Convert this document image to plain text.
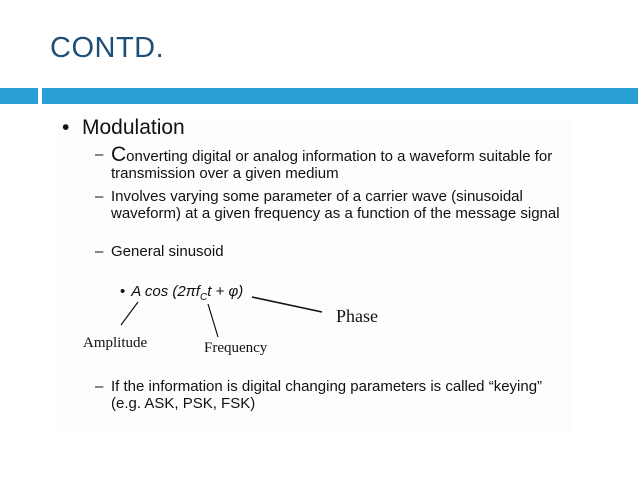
CONTD.
• Modulation
– Converting digital or analog information to a waveform suitable for transmission over a given medium
– Involves varying some parameter of a carrier wave (sinusoidal waveform) at a given frequency as a function of the message signal
– General sinusoid
• A $\cos (2\pi f_Ct + \varphi)$
Phase
Amplitude	Frequency
– If the information is digital changing parameters is called “keying” (e.g. ASK, PSK, FSK)
